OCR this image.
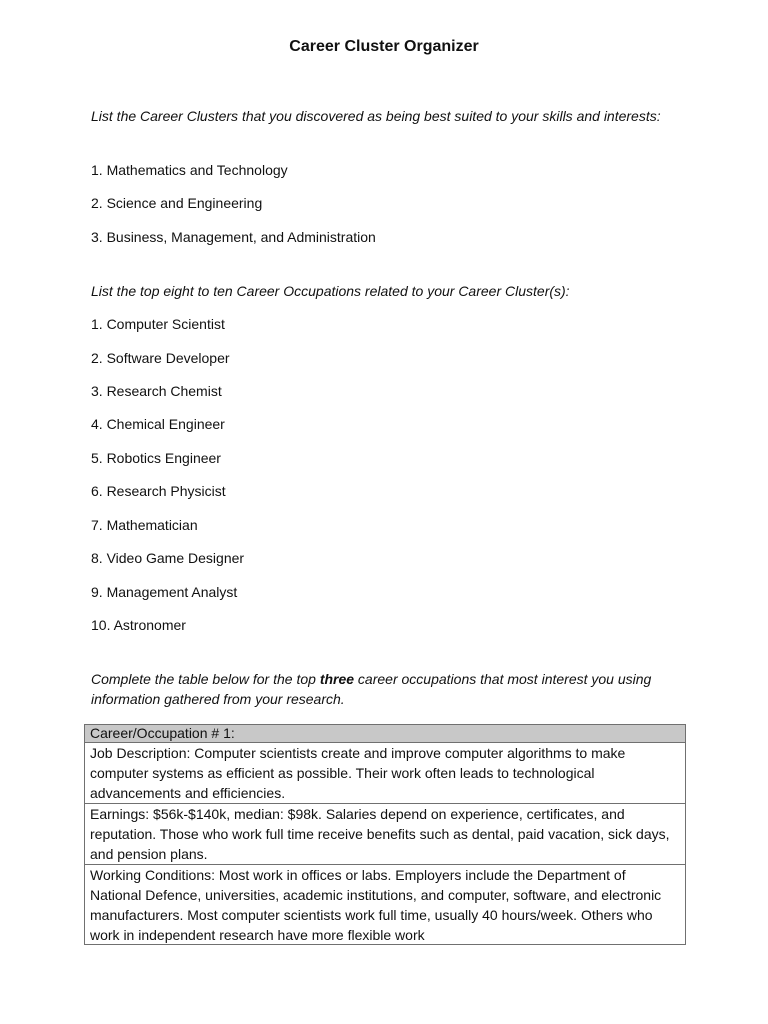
Career Cluster Organizer
List the Career Clusters that you discovered as being best suited to your skills and interests:
1. Mathematics and Technology
2. Science and Engineering
3. Business, Management, and Administration
List the top eight to ten Career Occupations related to your Career Cluster(s):
1. Computer Scientist
2. Software Developer
3. Research Chemist
4. Chemical Engineer
5. Robotics Engineer
6. Research Physicist
7. Mathematician
8. Video Game Designer
9. Management Analyst
10. Astronomer
Complete the table below for the top three career occupations that most interest you using information gathered from your research.
Career/Occupation # 1:
Job Description: Computer scientists create and improve computer algorithms to make computer systems as efficient as possible. Their work often leads to technological advancements and efficiencies.
Earnings: $56k-$140k, median: $98k. Salaries depend on experience, certificates, and reputation. Those who work full time receive benefits such as dental, paid vacation, sick days, and pension plans.

Working Conditions: Most work in offices or labs. Employers include the Department of National Defence, universities, academic institutions, and computer, software, and electronic manufacturers. Most computer scientists work full time, usually 40 hours/week. Others who work in independent research have more flexible work
